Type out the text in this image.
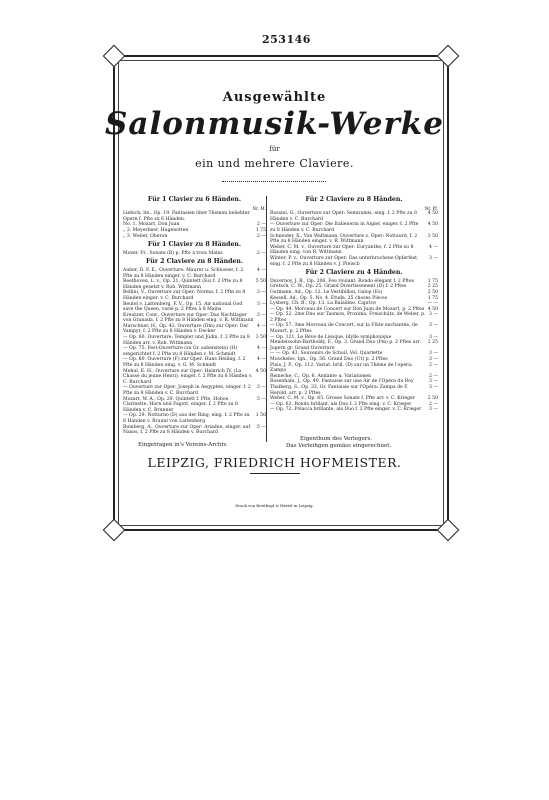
253146
Ausgewählte
Salonmusik-Werke
für
ein und mehrere Claviere.
Für 1 Clavier zu 6 Händen.
Nr. M.
Liebich, Im., Op. 19. Fantasien über Themen beliebter Opern f. Pfte zu 6 Händen.
No. 1. Mozart, Don Juan	2 —
„ 2. Meyerbeer, Hugenotten	1 75
„ 3. Weber, Oberon	2 —
Für 1 Clavier zu 8 Händen.
Mozer, Fr., Sonate (B) p. Pfte à trois Mains	2 —
Für 2 Claviere zu 8 Händen.
Auber, D. F. E., Ouverture: Maurer u. Schlosser, f. 2 Pfte zu 8 Händen einger. v. C. Burchard
4 —
Beethoven, L. v., Op. 21. Quintett (Es) f. 2 Pfte zu 8 Händen gesetzt v. Rob. Wittmann
5 50
Bellini, V., Ouverture zur Oper: Norma, f. 2 Pfte zu 8 Händen einger. v. C. Burchard
3 —
Beutel v. Lattenberg, F. V., Op. 15. Air national God save the Queen, varié p. 2 Pftes à 8 Mains
3 —
Kreutzer, Conr., Ouverture zur Oper: Das Nachtlager von Granada, f. 2 Pfte zu 8 Händen eing. v. R. Wittmann
3 —
Marschner, H., Op. 42. Ouverture (Dm) zur Oper: Der Vampyr, f. 2 Pfte zu 8 Händen v. Decker
4 —
— Op. 60. Ouverture: Templer und Jüdin, f. 2 Pfte zu 8 Händen arr. v. Rob. Wittmann
3 50
— Op. 75. Fest-Ouverture (zu Gr. sabenstein) (H) eingerichtet f. 2 Pfte zu 8 Händen v. M. Schmidt
4 —
— Op. 80. Ouverture (F) zur Oper: Hans Heiling, f. 2 Pfte zu 8 Händen eing. v. G. M. Schmidt
4 —
Mehul, E. H., Ouverture zur Oper: Heinrich IV. (La Chasse du jeune Henri), einger. f. 2 Pfte zu 8 Händen v. C. Burchard
4 50
— Ouverture zur Oper: Joseph in Aegypten, einger. f. 2 Pfte zu 8 Händen v. C. Burchard
3 —
Mozart, W. A., Op. 29. Quintett f. Pfte, Hoboe, Clarinette, Horn und Fagott, einger. f. 2 Pfte zu 8 Händen v. C. Brunner
5 —
— Op. 29. Notturno (D) aus der Ring, eing. f. 2 Pfte zu 8 Händen v. Braunl von Lattenberg
1 50
Romberg, A., Ouverture zur Oper: Ariadne, einger. auf Naxos, f. 2 Pfte zu 8 Händen v. Burchard
5 —
Für 2 Claviere zu 8 Händen.
Nr. Pf.
Rossini, G., Ouverture zur Oper: Semiramis, eing. f. 2 Pfte zu 8 Händen v. C. Burchard
4 50
— Ouverture zur Oper: Die Italienerin in Algier, einger. f. 2 Pfte zu 8 Händen v. C. Burchard
4 50
Schneider, X., Von Waltmann, Ouverture z. Oper: Nottaurd, f. 2 Pfte zu 8 Händen einger. v. R. Wittmann
3 50
Weber, C. M. v., Ouverture zur Oper: Euryanthe, f. 2 Pfte zu 8 Händen eing. von R. Wittmann
4 —
Winter, P. v., Ouverture zur Oper: Das unterbrochene Opferfest, eing. f. 2 Pfte zu 8 Händen v. J. Pleiscb
3 —
Für 2 Claviere zu 4 Händen.
Duvernoy, J. B., Op. 206. Feu roulant. Rondo élégant f. 2 Pftes	1 75
Gretsch, C. W., Op. 25. Grand Divertissement (D) f. 2 Pftes	2 25
Gutmann, Ad., Op. 12. Le Vestibillon, Galop (Es)	2 50
Kessell, Ad., Op. 5. No. 4. Étude. 25 choses Pièces	1 75
Lysberg, Ch. B., Op. 13. La Baladine. Caprice	— —
— Op. 44. Morceau de Concert sur Don Juan de Mozart, p. 2 Pftes 4 50
— Op. 52. 2me Duo sur Taomon, Proxima, Freischütz, de Weber, p. 2 Pftes
3 —
— Op. 57. 3me Morceau de Concert, sur la Flûte enchantée, de Mozart, p. 2 Pftes
3 —
— Op. 121. Le Réve de Lisoque, Idylle symphonique	3 —
Mendelssohn-Bartholdy, F., Op. 3. Grand Duo (Pm) p. 2 Pftes arr. Jugern gr. Grand Ouverture
2 25
— — Op. 43. Souvenirs de Schuil, Vol. Quartette	3 —
Moscheles, Ign., Op. 56. Grand Duo (Ut) p. 2 Pftes	3 —
Pixis, J. P., Op. 112. Variat. brill. (D) sur un Thème de l'opéra: Zampa
2 —
Reinecke, C., Op. 6. Andante u. Variationen	2 —
Rosenhain, J., Op. 40. Fantaisie sur une Air de l'Opéra du Roy	3 —
Thalberg, S., Op. 33. Gr. Fantaisie sur l'Opéra: Zampa de F. Herold, arr. p. 2 Pftes
3 —
Weber, C. M. v., Op. 65. Grosse Sonate f. Pfte arr. v. C. Krieger	2 50
— Op. 62. Rondo brillant, als Duo f. 2 Pfte eing. v. C. Krieger	2 —
— Op. 72. Polacca brillante, als Duo f. 2 Pfte einger. v. C. Krieger	3 —
Eingetragen in's Vereins-Archiv.
Eigenthum des Verlegers.
Das Verleihgen gemäss eingerechnet.
LEIPZIG, FRIEDRICH HOFMEISTER.
Druck von Breitkopf & Härtel in Leipzig.
